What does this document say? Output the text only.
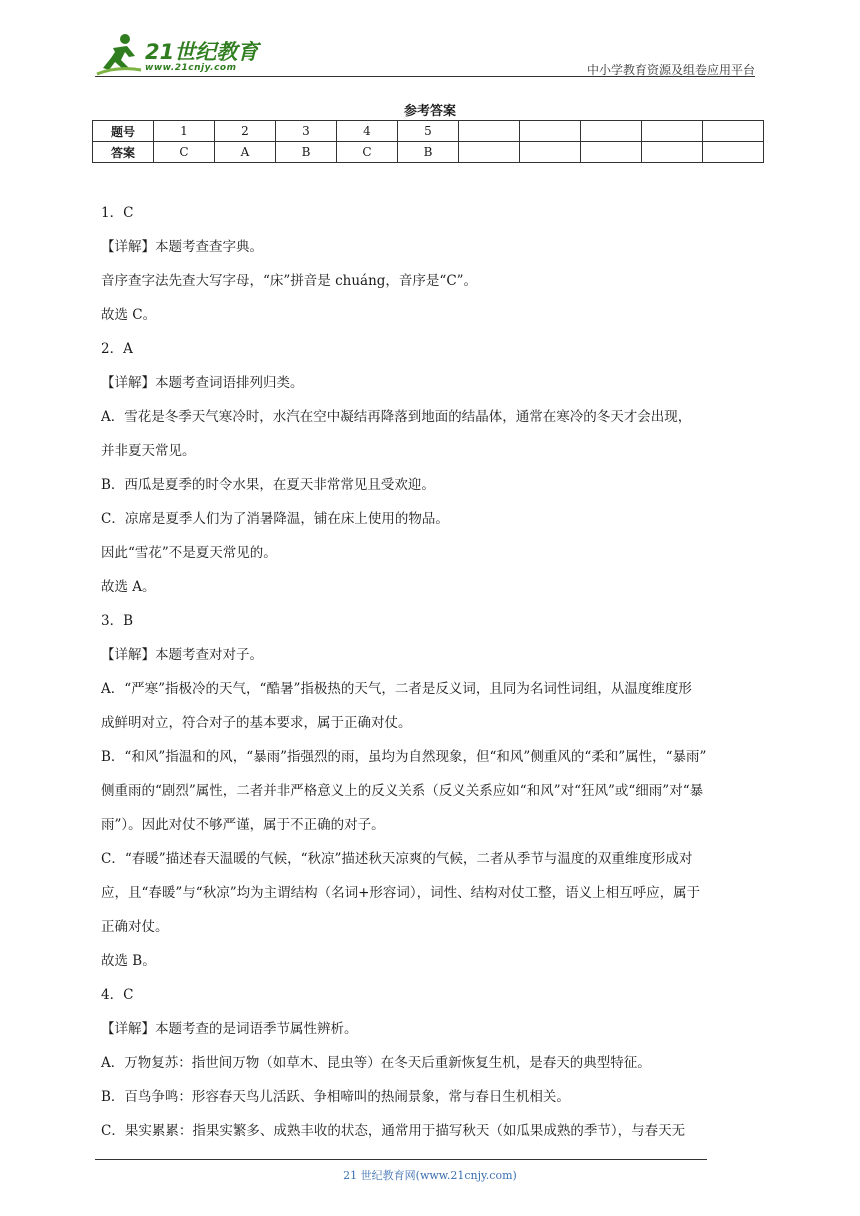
21世纪教育
www.21cnjy.com	中小学教育资源及组卷应用平台
参考答案
题号	1	2	3	4	5					
答案	C	A	B	C	B					

1．C

【详解】本题考查查字典。

音序查字法先查大写字母，“床”拼音是 chuáng，音序是“C”。

故选 C。

2．A

【详解】本题考查词语排列归类。

A．雪花是冬季天气寒冷时，水汽在空中凝结再降落到地面的结晶体，通常在寒冷的冬天才会出现，

并非夏天常见。

B．西瓜是夏季的时令水果，在夏天非常常见且受欢迎。

C．凉席是夏季人们为了消暑降温，铺在床上使用的物品。

因此“雪花”不是夏天常见的。

故选 A。

3．B

【详解】本题考查对对子。

A．“严寒”指极冷的天气，“酷暑”指极热的天气，二者是反义词，且同为名词性词组，从温度维度形

成鲜明对立，符合对子的基本要求，属于正确对仗。

B．“和风”指温和的风，“暴雨”指强烈的雨，虽均为自然现象，但“和风”侧重风的“柔和”属性，“暴雨”

侧重雨的“剧烈”属性，二者并非严格意义上的反义关系（反义关系应如“和风”对“狂风”或“细雨”对“暴

雨”）。因此对仗不够严谨，属于不正确的对子。

C．“春暖”描述春天温暖的气候，“秋凉”描述秋天凉爽的气候，二者从季节与温度的双重维度形成对

应，且“春暖”与“秋凉”均为主谓结构（名词+形容词），词性、结构对仗工整，语义上相互呼应，属于

正确对仗。

故选 B。

4．C

【详解】本题考查的是词语季节属性辨析。

A．万物复苏：指世间万物（如草木、昆虫等）在冬天后重新恢复生机，是春天的典型特征。

B．百鸟争鸣：形容春天鸟儿活跃、争相啼叫的热闹景象，常与春日生机相关。

C．果实累累：指果实繁多、成熟丰收的状态，通常用于描写秋天（如瓜果成熟的季节），与春天无

21 世纪教育网(www.21cnjy.com)
